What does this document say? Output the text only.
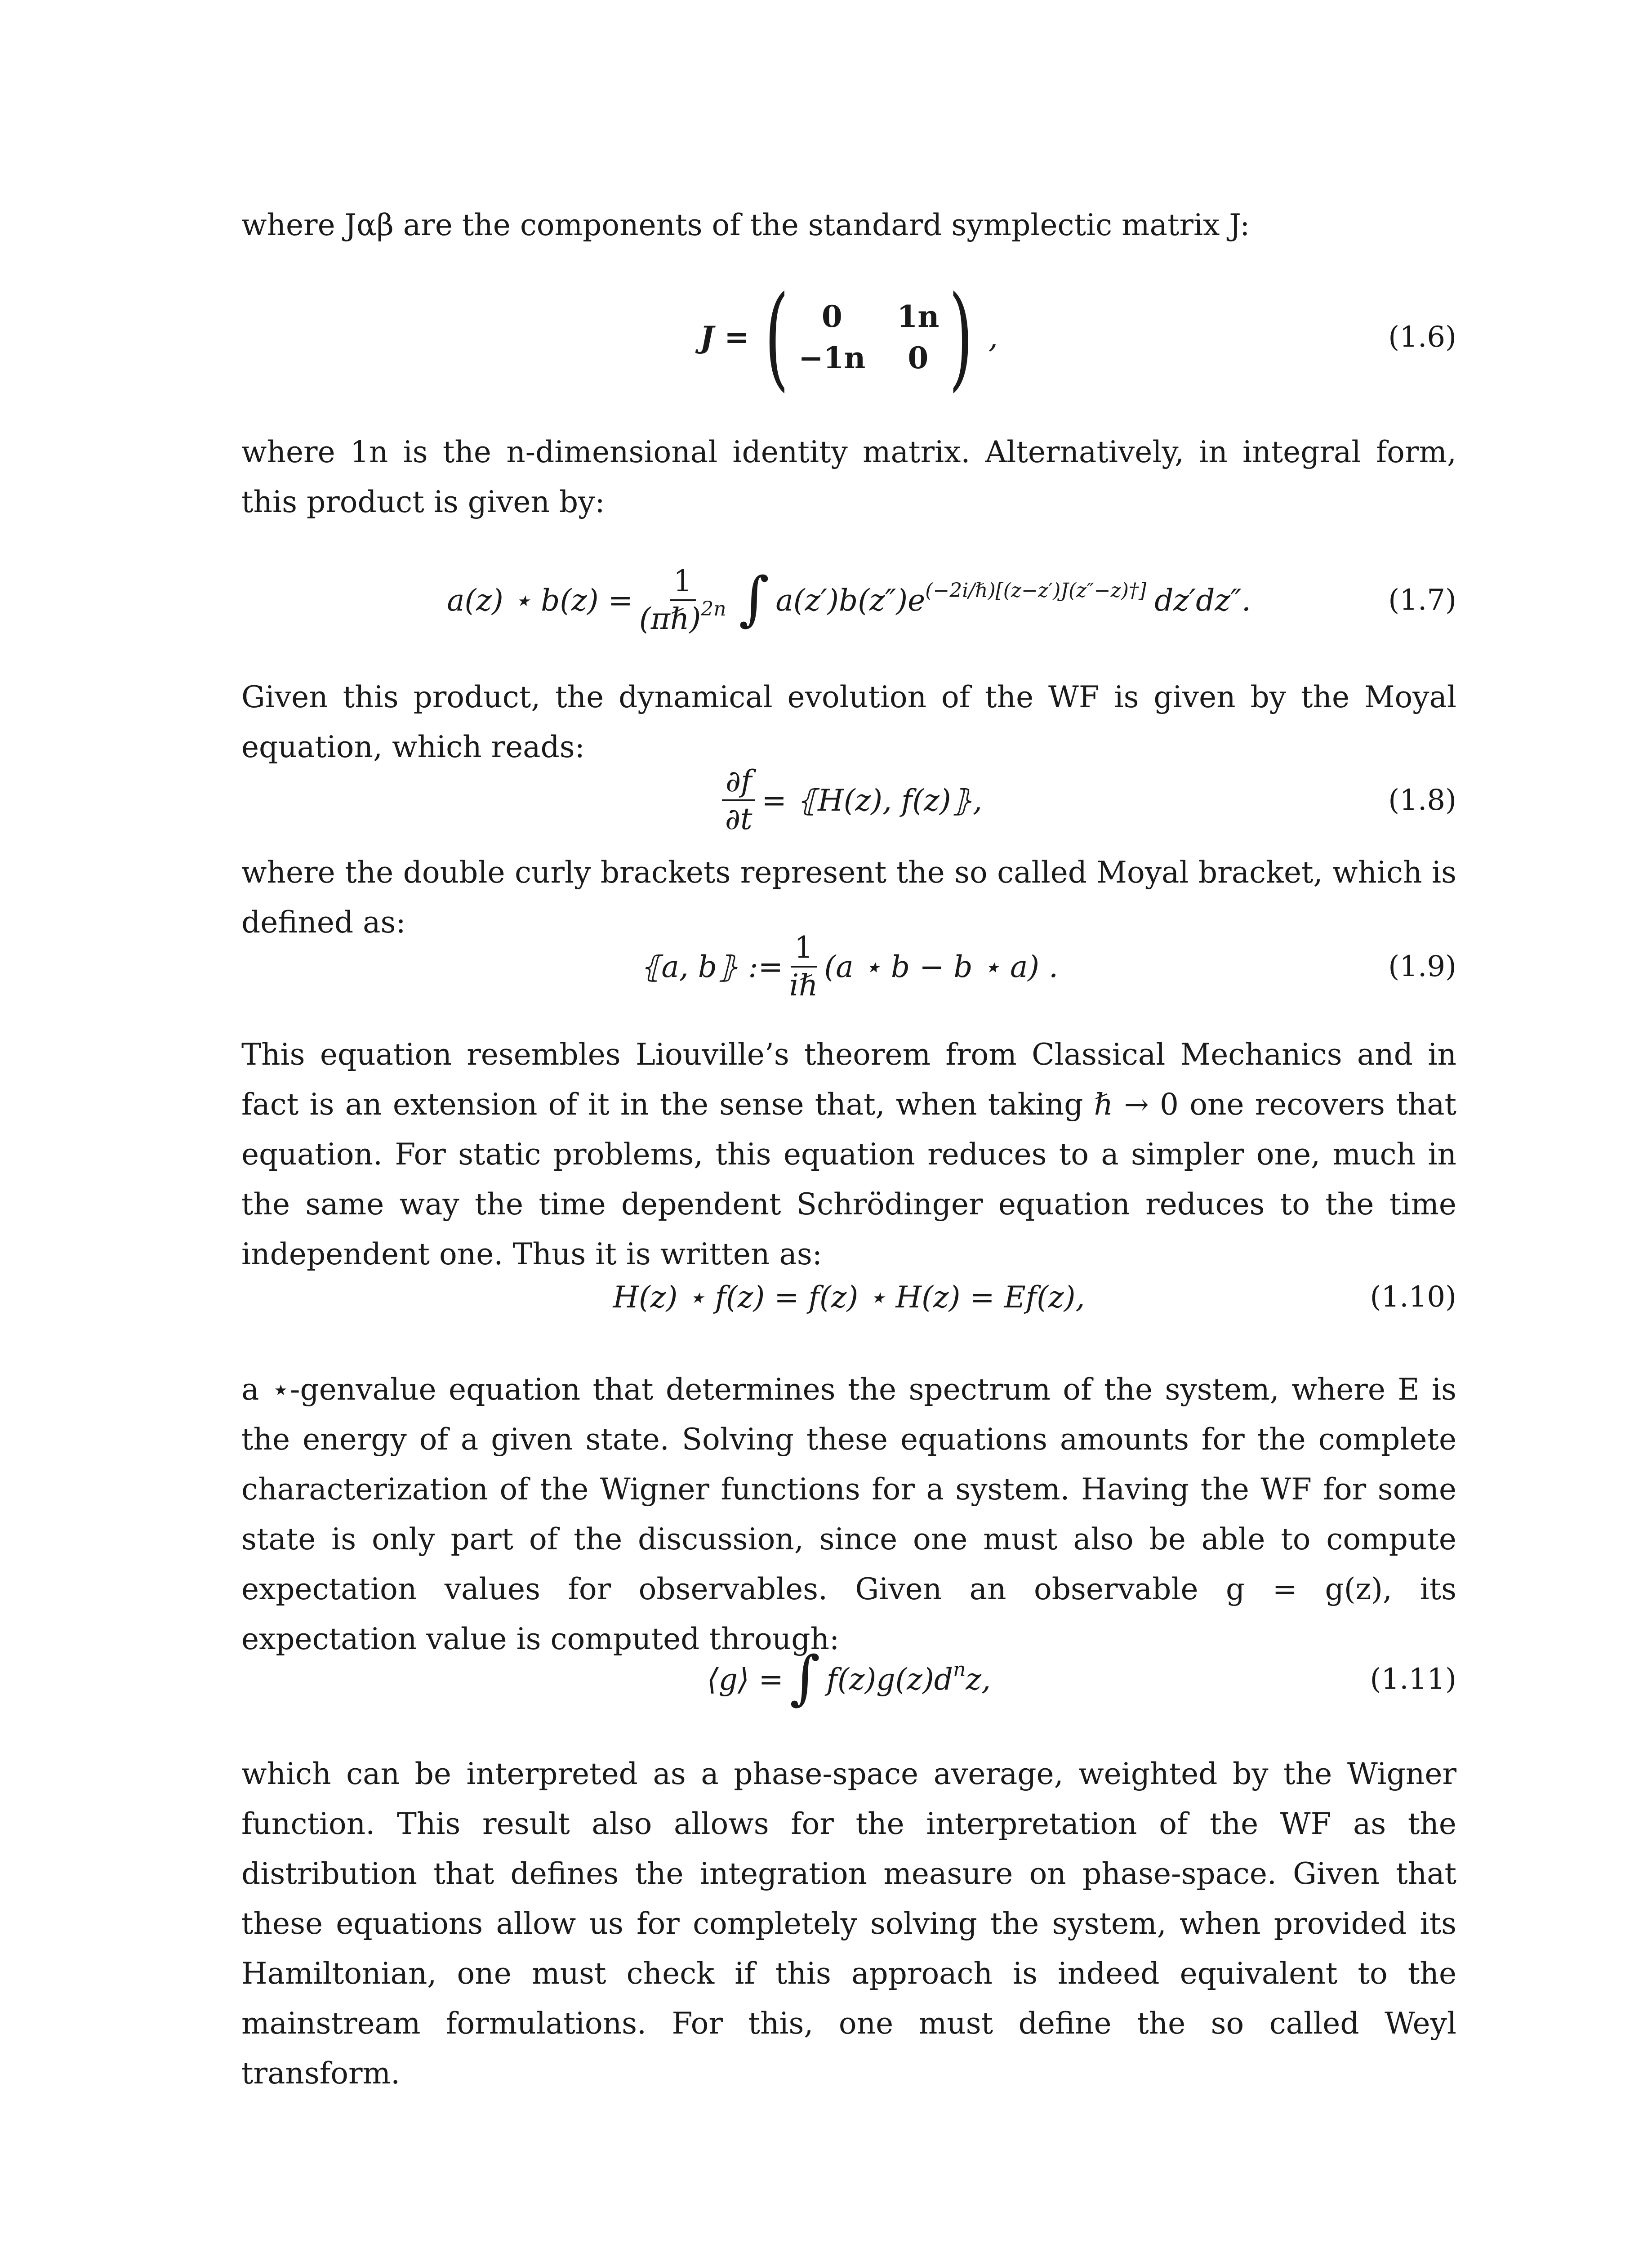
where Jαβ are the components of the standard symplectic matrix J:

J = (	0	1n
−1n	0 ) ,	(1.6)

where 1n is the n-dimensional identity matrix. Alternatively, in integral form, this product is given by:

a(z) ⋆ $b(z) = \frac{1}{(\pi\hbar)^{2n}}$ ∫ $a(z')b(z'')e^{(-2i/\hbar)[(z-z')J(z''-z)\dagger]}$ dz′dz″.	(1.7)

Given this product, the dynamical evolution of the WF is given by the Moyal equation, which reads:

$\frac{\partial f}{\partial t}$ = ⦃H(z), f(z)⦄,	(1.8)

where the double curly brackets represent the so called Moyal bracket, which is defined as:

⦃a, b⦄ := $\frac{1}{\text{iℏ}} (a$ ⋆ b − b ⋆ a) .	(1.9)

This equation resembles Liouville’s theorem from Classical Mechanics and in fact is an extension of it in the sense that, when taking ℏ → 0 one recovers that equation. For static problems, this equation reduces to a simpler one, much in the same way the time dependent Schrödinger equation reduces to the time independent one. Thus it is written as:

H(z) ⋆ f(z) = f(z) ⋆ H(z) = Ef(z),	(1.10)

a ⋆-genvalue equation that determines the spectrum of the system, where E is the energy of a given state. Solving these equations amounts for the complete characterization of the Wigner functions for a system. Having the WF for some state is only part of the discussion, since one must also be able to compute expectation values for observables. Given an observable g = g(z), its expectation value is computed through:

⟨g⟩ = ∫ $f(z)g(z)d^nz$,	(1.11)

which can be interpreted as a phase-space average, weighted by the Wigner function. This result also allows for the interpretation of the WF as the distribution that defines the integration measure on phase-space. Given that these equations allow us for completely solving the system, when provided its Hamiltonian, one must check if this approach is indeed equivalent to the mainstream formulations. For this, one must define the so called Weyl transform.
